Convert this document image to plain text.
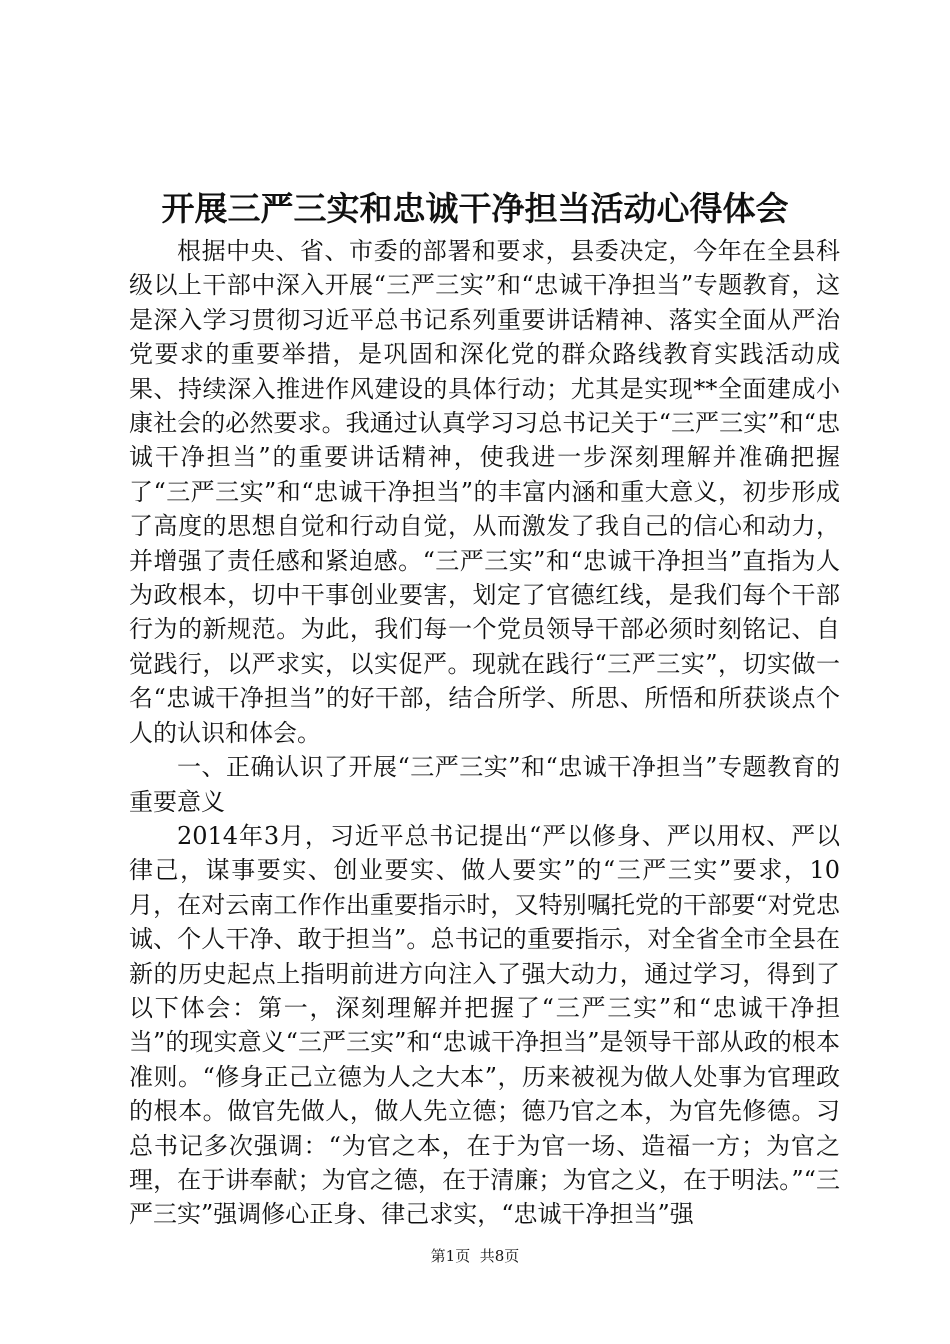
开展三严三实和忠诚干净担当活动心得体会

根据中央、省、市委的部署和要求，县委决定，今年在全县科级以上干部中深入开展“三严三实”和“忠诚干净担当”专题教育，这是深入学习贯彻习近平总书记系列重要讲话精神、落实全面从严治党要求的重要举措，是巩固和深化党的群众路线教育实践活动成果、持续深入推进作风建设的具体行动；尤其是实现**全面建成小康社会的必然要求。我通过认真学习习总书记关于“三严三实”和“忠诚干净担当”的重要讲话精神，使我进一步深刻理解并准确把握了“三严三实”和“忠诚干净担当”的丰富内涵和重大意义，初步形成了高度的思想自觉和行动自觉，从而激发了我自己的信心和动力，并增强了责任感和紧迫感。“三严三实”和“忠诚干净担当”直指为人为政根本，切中干事创业要害，划定了官德红线，是我们每个干部行为的新规范。为此，我们每一个党员领导干部必须时刻铭记、自觉践行，以严求实，以实促严。现就在践行“三严三实”，切实做一名“忠诚干净担当”的好干部，结合所学、所思、所悟和所获谈点个人的认识和体会。

一、正确认识了开展“三严三实”和“忠诚干净担当”专题教育的重要意义

2014年3月，习近平总书记提出“严以修身、严以用权、严以律己，谋事要实、创业要实、做人要实”的“三严三实”要求，10月，在对云南工作作出重要指示时，又特别嘱托党的干部要“对党忠诚、个人干净、敢于担当”。总书记的重要指示，对全省全市全县在新的历史起点上指明前进方向注入了强大动力，通过学习，得到了以下体会：第一，深刻理解并把握了“三严三实”和“忠诚干净担当”的现实意义“三严三实”和“忠诚干净担当”是领导干部从政的根本准则。“修身正己立德为人之大本”，历来被视为做人处事为官理政的根本。做官先做人，做人先立德；德乃官之本，为官先修德。习总书记多次强调：“为官之本，在于为官一场、造福一方；为官之理，在于讲奉献；为官之德，在于清廉；为官之义，在于明法。”“三严三实”强调修心正身、律己求实，“忠诚干净担当”强

第1页 共8页
